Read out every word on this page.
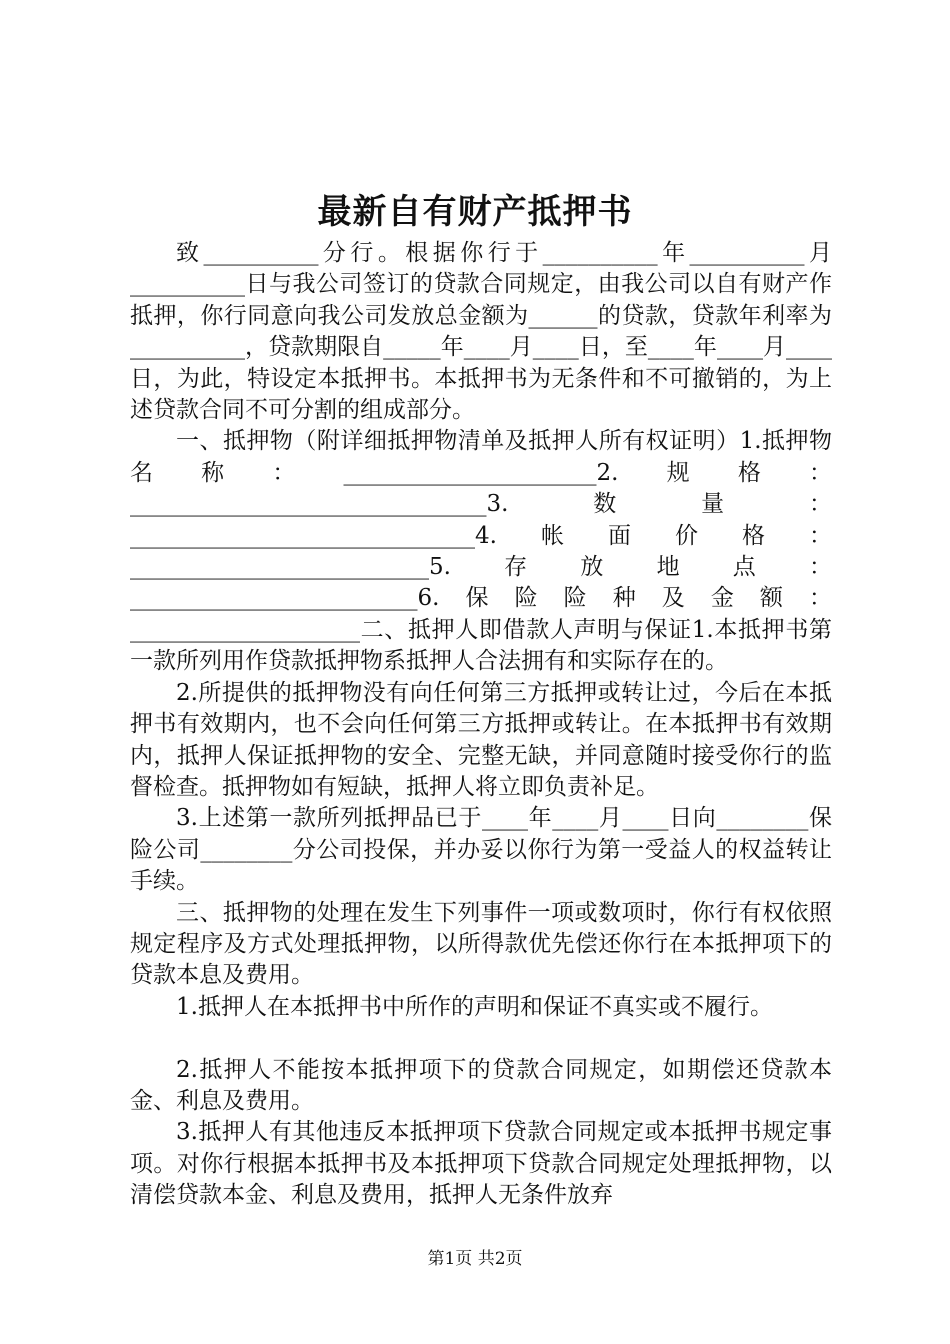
最新自有财产抵押书

致__________分行。根据你行于__________年__________月__________日与我公司签订的贷款合同规定，由我公司以自有财产作抵押，你行同意向我公司发放总金额为______的贷款，贷款年利率为__________，贷款期限自_____年____月____日，至____年____月____日，为此，特设定本抵押书。本抵押书为无条件和不可撤销的，为上述贷款合同不可分割的组成部分。

一、抵押物（附详细抵押物清单及抵押人所有权证明）1.抵押物名称：______________________2.规格：_______________________________3.数量：______________________________4.帐面价格：__________________________5.存放地点：_________________________6.保险险种及金额：____________________二、抵押人即借款人声明与保证1.本抵押书第一款所列用作贷款抵押物系抵押人合法拥有和实际存在的。

2.所提供的抵押物没有向任何第三方抵押或转让过，今后在本抵押书有效期内，也不会向任何第三方抵押或转让。在本抵押书有效期内，抵押人保证抵押物的安全、完整无缺，并同意随时接受你行的监督检查。抵押物如有短缺，抵押人将立即负责补足。

3.上述第一款所列抵押品已于____年____月____日向________保险公司________分公司投保，并办妥以你行为第一受益人的权益转让手续。

三、抵押物的处理在发生下列事件一项或数项时，你行有权依照规定程序及方式处理抵押物，以所得款优先偿还你行在本抵押项下的贷款本息及费用。

1.抵押人在本抵押书中所作的声明和保证不真实或不履行。

2.抵押人不能按本抵押项下的贷款合同规定，如期偿还贷款本金、利息及费用。

3.抵押人有其他违反本抵押项下贷款合同规定或本抵押书规定事项。对你行根据本抵押书及本抵押项下贷款合同规定处理抵押物，以清偿贷款本金、利息及费用，抵押人无条件放弃

第1页 共2页
